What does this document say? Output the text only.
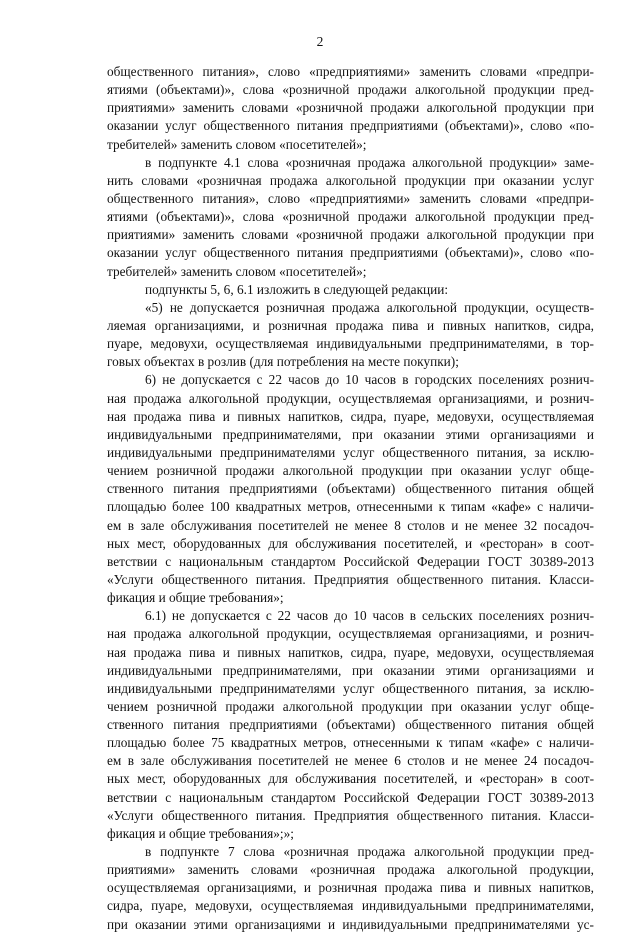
2
общественного питания», слово «предприятиями» заменить словами «предпри-
ятиями (объектами)», слова «розничной продажи алкогольной продукции пред-
приятиями» заменить словами «розничной продажи алкогольной продукции при
оказании услуг общественного питания предприятиями (объектами)», слово «по-
требителей» заменить словом «посетителей»;
в подпункте 4.1 слова «розничная продажа алкогольной продукции» заме-
нить словами «розничная продажа алкогольной продукции при оказании услуг
общественного питания», слово «предприятиями» заменить словами «предпри-
ятиями (объектами)», слова «розничной продажи алкогольной продукции пред-
приятиями» заменить словами «розничной продажи алкогольной продукции при
оказании услуг общественного питания предприятиями (объектами)», слово «по-
требителей» заменить словом «посетителей»;
подпункты 5, 6, 6.1 изложить в следующей редакции:
«5) не допускается розничная продажа алкогольной продукции, осуществ-
ляемая организациями, и розничная продажа пива и пивных напитков, сидра,
пуаре, медовухи, осуществляемая индивидуальными предпринимателями, в тор-
говых объектах в розлив (для потребления на месте покупки);
6) не допускается с 22 часов до 10 часов в городских поселениях рознич-
ная продажа алкогольной продукции, осуществляемая организациями, и рознич-
ная продажа пива и пивных напитков, сидра, пуаре, медовухи, осуществляемая
индивидуальными предпринимателями, при оказании этими организациями и
индивидуальными предпринимателями услуг общественного питания, за исклю-
чением розничной продажи алкогольной продукции при оказании услуг обще-
ственного питания предприятиями (объектами) общественного питания общей
площадью более 100 квадратных метров, отнесенными к типам «кафе» с наличи-
ем в зале обслуживания посетителей не менее 8 столов и не менее 32 посадоч-
ных мест, оборудованных для обслуживания посетителей, и «ресторан» в соот-
ветствии с национальным стандартом Российской Федерации ГОСТ 30389-2013
«Услуги общественного питания. Предприятия общественного питания. Класси-
фикация и общие требования»;
6.1) не допускается с 22 часов до 10 часов в сельских поселениях рознич-
ная продажа алкогольной продукции, осуществляемая организациями, и рознич-
ная продажа пива и пивных напитков, сидра, пуаре, медовухи, осуществляемая
индивидуальными предпринимателями, при оказании этими организациями и
индивидуальными предпринимателями услуг общественного питания, за исклю-
чением розничной продажи алкогольной продукции при оказании услуг обще-
ственного питания предприятиями (объектами) общественного питания общей
площадью более 75 квадратных метров, отнесенными к типам «кафе» с наличи-
ем в зале обслуживания посетителей не менее 6 столов и не менее 24 посадоч-
ных мест, оборудованных для обслуживания посетителей, и «ресторан» в соот-
ветствии с национальным стандартом Российской Федерации ГОСТ 30389-2013
«Услуги общественного питания. Предприятия общественного питания. Класси-
фикация и общие требования»;»;
в подпункте 7 слова «розничная продажа алкогольной продукции пред-
приятиями» заменить словами «розничная продажа алкогольной продукции,
осуществляемая организациями, и розничная продажа пива и пивных напитков,
сидра, пуаре, медовухи, осуществляемая индивидуальными предпринимателями,
при оказании этими организациями и индивидуальными предпринимателями ус-
